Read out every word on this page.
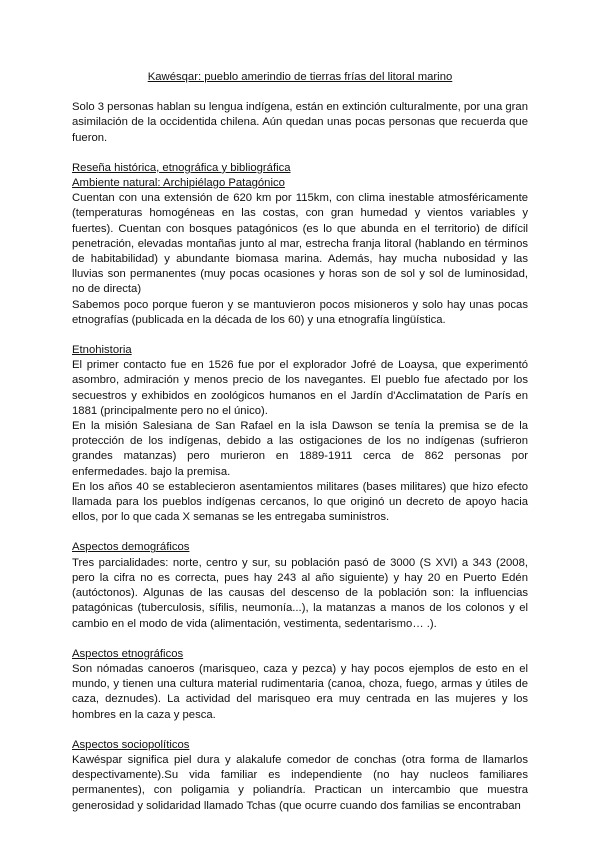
Kawésqar: pueblo amerindio de tierras frías del litoral marino

Solo 3 personas hablan su lengua indígena, están en extinción culturalmente, por una gran asimilación de la occidentida chilena. Aún quedan unas pocas personas que recuerda que fueron.

Reseña histórica, etnográfica y bibliográfica

Ambiente natural: Archipiélago Patagónico

Cuentan con una extensión de 620 km por 115km, con clima inestable atmosféricamente (temperaturas homogéneas en las costas, con gran humedad y vientos variables y fuertes). Cuentan con bosques patagónicos (es lo que abunda en el territorio) de difícil penetración, elevadas montañas junto al mar, estrecha franja litoral (hablando en términos de habitabilidad) y abundante biomasa marina. Además, hay mucha nubosidad y las lluvias son permanentes (muy pocas ocasiones y horas son de sol y sol de luminosidad, no de directa)

Sabemos poco porque fueron y se mantuvieron pocos misioneros y solo hay unas pocas etnografías (publicada en la década de los 60) y una etnografía lingüística.

Etnohistoria

El primer contacto fue en 1526 fue por el explorador Jofré de Loaysa, que experimentó asombro, admiración y menos precio de los navegantes. El pueblo fue afectado por los secuestros y exhibidos en zoológicos humanos en el Jardín d'Acclimatation de París en 1881 (principalmente pero no el único).

En la misión Salesiana de San Rafael en la isla Dawson se tenía la premisa se de la protección de los indígenas, debido a las ostigaciones de los no indígenas (sufrieron grandes matanzas) pero murieron en 1889-1911 cerca de 862 personas por enfermedades. bajo la premisa.

En los años 40 se establecieron asentamientos militares (bases militares) que hizo efecto llamada para los pueblos indígenas cercanos, lo que originó un decreto de apoyo hacia ellos, por lo que cada X semanas se les entregaba suministros.

Aspectos demográficos

Tres parcialidades: norte, centro y sur, su población pasó de 3000 (S XVI) a 343 (2008, pero la cifra no es correcta, pues hay 243 al año siguiente) y hay 20 en Puerto Edén (autóctonos). Algunas de las causas del descenso de la población son: la influencias patagónicas (tuberculosis, sífilis, neumonía...), la matanzas a manos de los colonos y el cambio en el modo de vida (alimentación, vestimenta, sedentarismo… .).

Aspectos etnográficos

Son nómadas canoeros (marisqueo, caza y pezca) y hay pocos ejemplos de esto en el mundo, y tienen una cultura material rudimentaria (canoa, choza, fuego, armas y útiles de caza, deznudes). La actividad del marisqueo era muy centrada en las mujeres y los hombres en la caza y pesca.

Aspectos sociopolíticos

Kawéspar significa piel dura y alakalufe comedor de conchas (otra forma de llamarlos despectivamente).Su vida familiar es independiente (no hay nucleos familiares permanentes), con poligamia y poliandría. Practican un intercambio que muestra generosidad y solidaridad llamado Tchas (que ocurre cuando dos familias se encontraban
